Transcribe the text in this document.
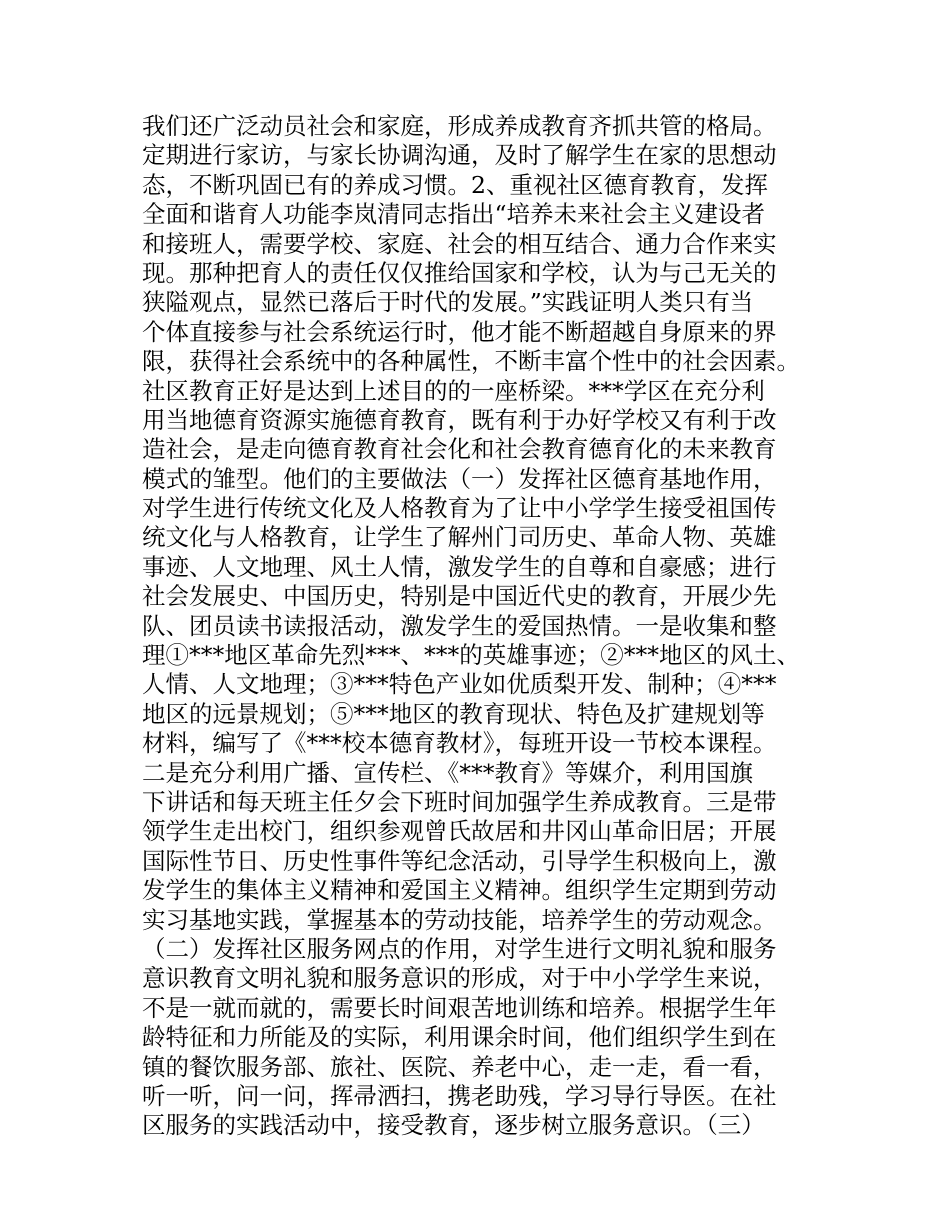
我们还广泛动员社会和家庭，形成养成教育齐抓共管的格局。
定期进行家访，与家长协调沟通，及时了解学生在家的思想动
态，不断巩固已有的养成习惯。2、重视社区德育教育，发挥
全面和谐育人功能李岚清同志指出“培养未来社会主义建设者
和接班人，需要学校、家庭、社会的相互结合、通力合作来实
现。那种把育人的责任仅仅推给国家和学校，认为与己无关的
狭隘观点，显然已落后于时代的发展。”实践证明人类只有当
个体直接参与社会系统运行时，他才能不断超越自身原来的界
限，获得社会系统中的各种属性，不断丰富个性中的社会因素。
社区教育正好是达到上述目的的一座桥梁。***学区在充分利
用当地德育资源实施德育教育，既有利于办好学校又有利于改
造社会，是走向德育教育社会化和社会教育德育化的未来教育
模式的雏型。他们的主要做法（一）发挥社区德育基地作用，
对学生进行传统文化及人格教育为了让中小学学生接受祖国传
统文化与人格教育，让学生了解州门司历史、革命人物、英雄
事迹、人文地理、风土人情，激发学生的自尊和自豪感；进行
社会发展史、中国历史，特别是中国近代史的教育，开展少先
队、团员读书读报活动，激发学生的爱国热情。一是收集和整
理①***地区革命先烈***、***的英雄事迹；②***地区的风土、
人情、人文地理；③***特色产业如优质梨开发、制种；④***
地区的远景规划；⑤***地区的教育现状、特色及扩建规划等
材料，编写了《***校本德育教材》，每班开设一节校本课程。
二是充分利用广播、宣传栏、《***教育》等媒介，利用国旗
下讲话和每天班主任夕会下班时间加强学生养成教育。三是带
领学生走出校门，组织参观曾氏故居和井冈山革命旧居；开展
国际性节日、历史性事件等纪念活动，引导学生积极向上，激
发学生的集体主义精神和爱国主义精神。组织学生定期到劳动
实习基地实践，掌握基本的劳动技能，培养学生的劳动观念。
（二）发挥社区服务网点的作用，对学生进行文明礼貌和服务
意识教育文明礼貌和服务意识的形成，对于中小学学生来说，
不是一就而就的，需要长时间艰苦地训练和培养。根据学生年
龄特征和力所能及的实际，利用课余时间，他们组织学生到在
镇的餐饮服务部、旅社、医院、养老中心，走一走，看一看，
听一听，问一问，挥帚洒扫，携老助残，学习导行导医。在社
区服务的实践活动中，接受教育，逐步树立服务意识。（三）
